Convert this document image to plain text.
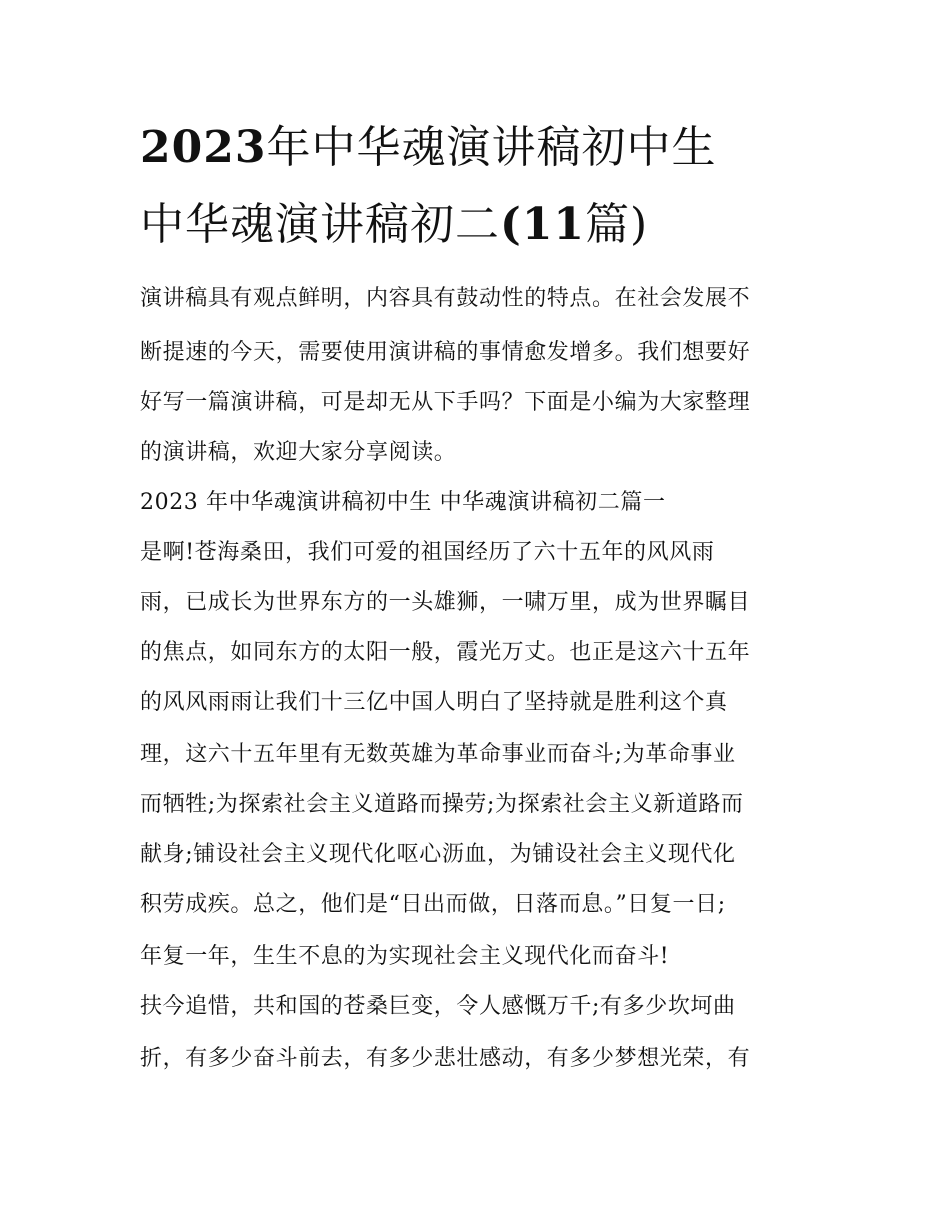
2023年中华魂演讲稿初中生
中华魂演讲稿初二(11篇)
演讲稿具有观点鲜明，内容具有鼓动性的特点。在社会发展不
断提速的今天，需要使用演讲稿的事情愈发增多。我们想要好
好写一篇演讲稿，可是却无从下手吗？下面是小编为大家整理
的演讲稿，欢迎大家分享阅读。
2023 年中华魂演讲稿初中生 中华魂演讲稿初二篇一
是啊!苍海桑田，我们可爱的祖国经历了六十五年的风风雨
雨，已成长为世界东方的一头雄狮，一啸万里，成为世界瞩目
的焦点，如同东方的太阳一般，霞光万丈。也正是这六十五年
的风风雨雨让我们十三亿中国人明白了坚持就是胜利这个真
理，这六十五年里有无数英雄为革命事业而奋斗;为革命事业
而牺牲;为探索社会主义道路而操劳;为探索社会主义新道路而
献身;铺设社会主义现代化呕心沥血，为铺设社会主义现代化
积劳成疾。总之，他们是“日出而做，日落而息。”日复一日;
年复一年，生生不息的为实现社会主义现代化而奋斗!
扶今追惜，共和国的苍桑巨变，令人感慨万千;有多少坎坷曲
折，有多少奋斗前去，有多少悲壮感动，有多少梦想光荣，有
